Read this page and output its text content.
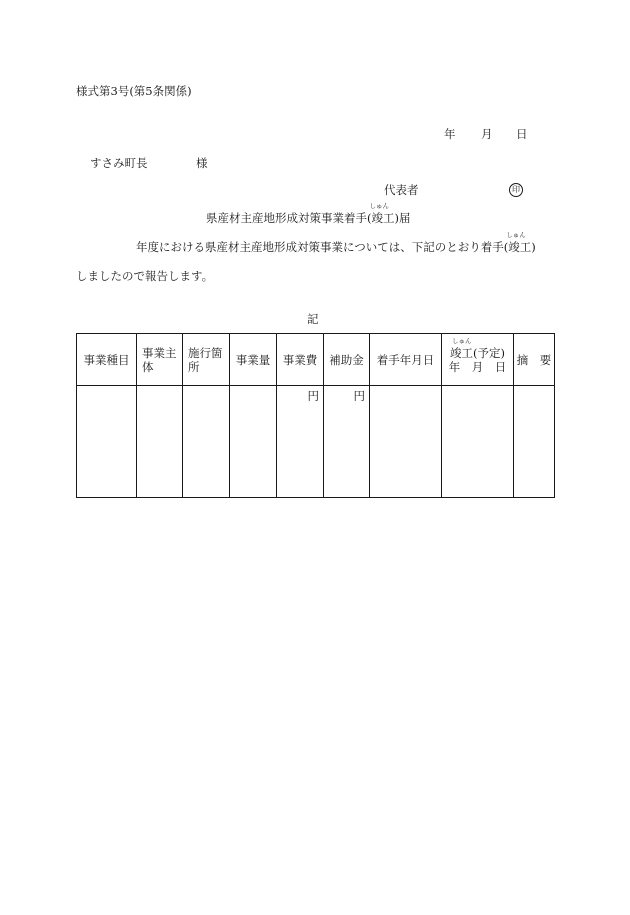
様式第3号(第5条関係)
年 月 日
すさみ町長	様
代表者	印
県産材主産地形成対策事業着手(
しゅん
竣工)届
年度における県産材主産地形成対策事業については、下記のとおり着手(
しゅん
竣工)
しましたので報告します。
記
事業種目	事業主体	施行箇所	事業量	事業費	補助金	着手年月日	しゅん
竣工(予定)
年　月　日	摘　要
				円	円			
